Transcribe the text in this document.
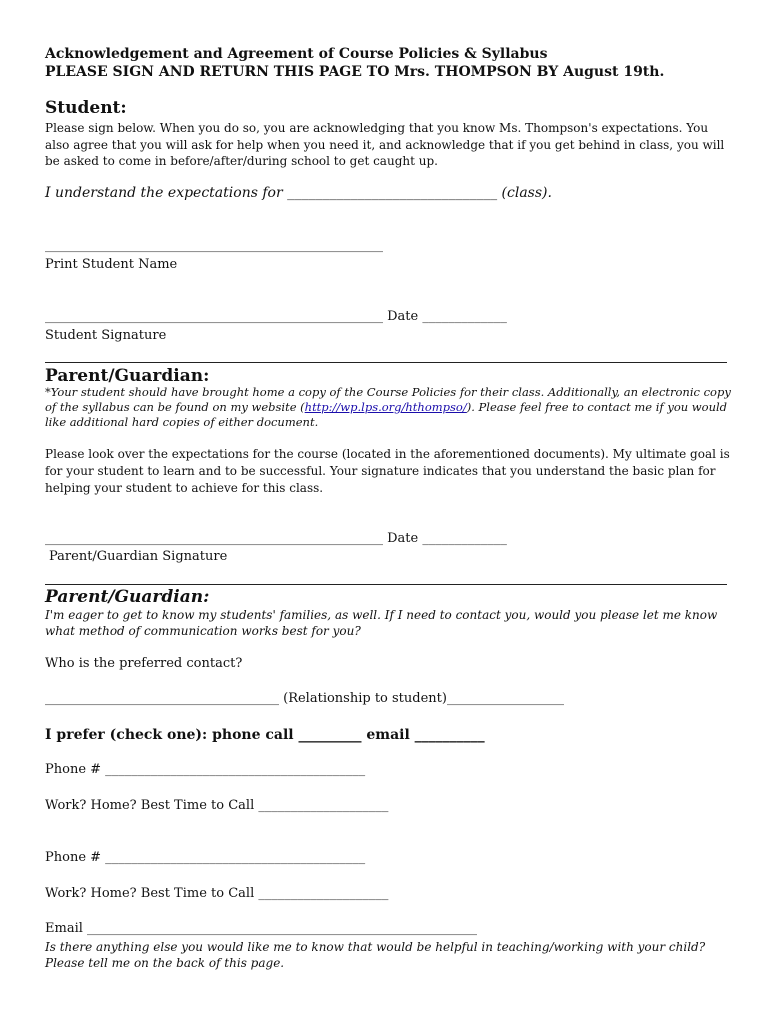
Acknowledgement and Agreement of Course Policies & Syllabus
PLEASE SIGN AND RETURN THIS PAGE TO Mrs. THOMPSON BY August 19th.
Student:
Please sign below. When you do so, you are acknowledging that you know Ms. Thompson's expectations. You also agree that you will ask for help when you need it, and acknowledge that if you get behind in class, you will be asked to come in before/after/during school to get caught up.
I understand the expectations for ______________________________ (class).
____________________________________________________
Print Student Name
____________________________________________________ Date _____________
Student Signature
Parent/Guardian:
*Your student should have brought home a copy of the Course Policies for their class. Additionally, an electronic copy of the syllabus can be found on my website (http://wp.lps.org/hthompso/). Please feel free to contact me if you would like additional hard copies of either document.
Please look over the expectations for the course (located in the aforementioned documents). My ultimate goal is for your student to learn and to be successful. Your signature indicates that you understand the basic plan for helping your student to achieve for this class.
____________________________________________________ Date _____________
Parent/Guardian Signature
Parent/Guardian:
I'm eager to get to know my students' families, as well. If I need to contact you, would you please let me know what method of communication works best for you?
Who is the preferred contact?
____________________________________ (Relationship to student)__________________
I prefer (check one): phone call _________ email __________
Phone # ________________________________________
Work? Home? Best Time to Call ____________________
Phone # ________________________________________
Work? Home? Best Time to Call ____________________
Email ____________________________________________________________
Is there anything else you would like me to know that would be helpful in teaching/working with your child? Please tell me on the back of this page.
